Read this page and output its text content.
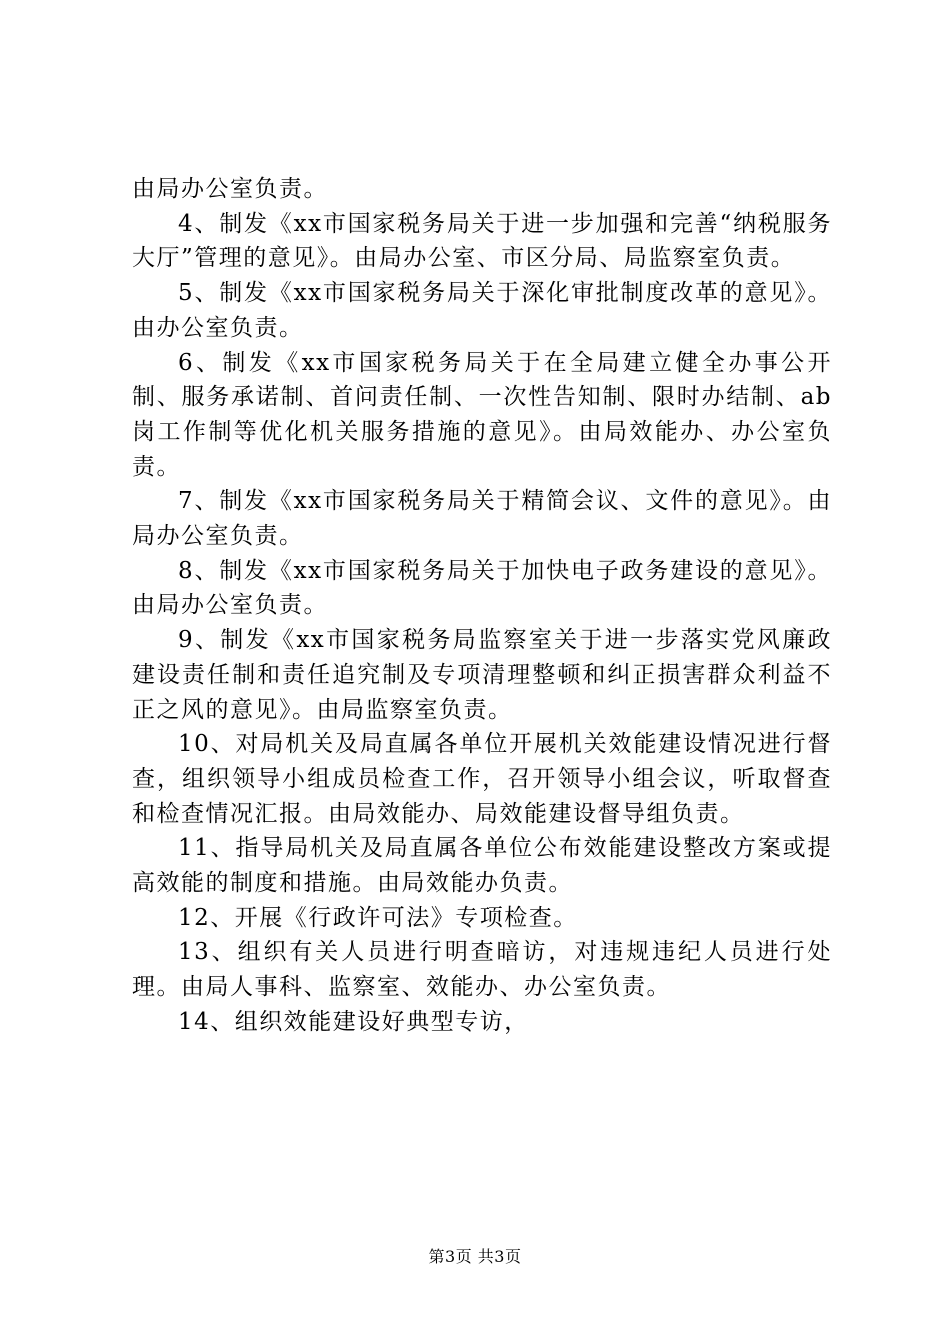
由局办公室负责。

4、制发《xx市国家税务局关于进一步加强和完善“纳税服务大厅”管理的意见》。由局办公室、市区分局、局监察室负责。

5、制发《xx市国家税务局关于深化审批制度改革的意见》。由办公室负责。

6、制发《xx市国家税务局关于在全局建立健全办事公开制、服务承诺制、首问责任制、一次性告知制、限时办结制、ab岗工作制等优化机关服务措施的意见》。由局效能办、办公室负责。

7、制发《xx市国家税务局关于精简会议、文件的意见》。由局办公室负责。

8、制发《xx市国家税务局关于加快电子政务建设的意见》。由局办公室负责。

9、制发《xx市国家税务局监察室关于进一步落实党风廉政建设责任制和责任追究制及专项清理整顿和纠正损害群众利益不正之风的意见》。由局监察室负责。

10、对局机关及局直属各单位开展机关效能建设情况进行督查，组织领导小组成员检查工作，召开领导小组会议，听取督查和检查情况汇报。由局效能办、局效能建设督导组负责。

11、指导局机关及局直属各单位公布效能建设整改方案或提高效能的制度和措施。由局效能办负责。

12、开展《行政许可法》专项检查。

13、组织有关人员进行明查暗访，对违规违纪人员进行处理。由局人事科、监察室、效能办、办公室负责。

14、组织效能建设好典型专访，

第3页 共3页
